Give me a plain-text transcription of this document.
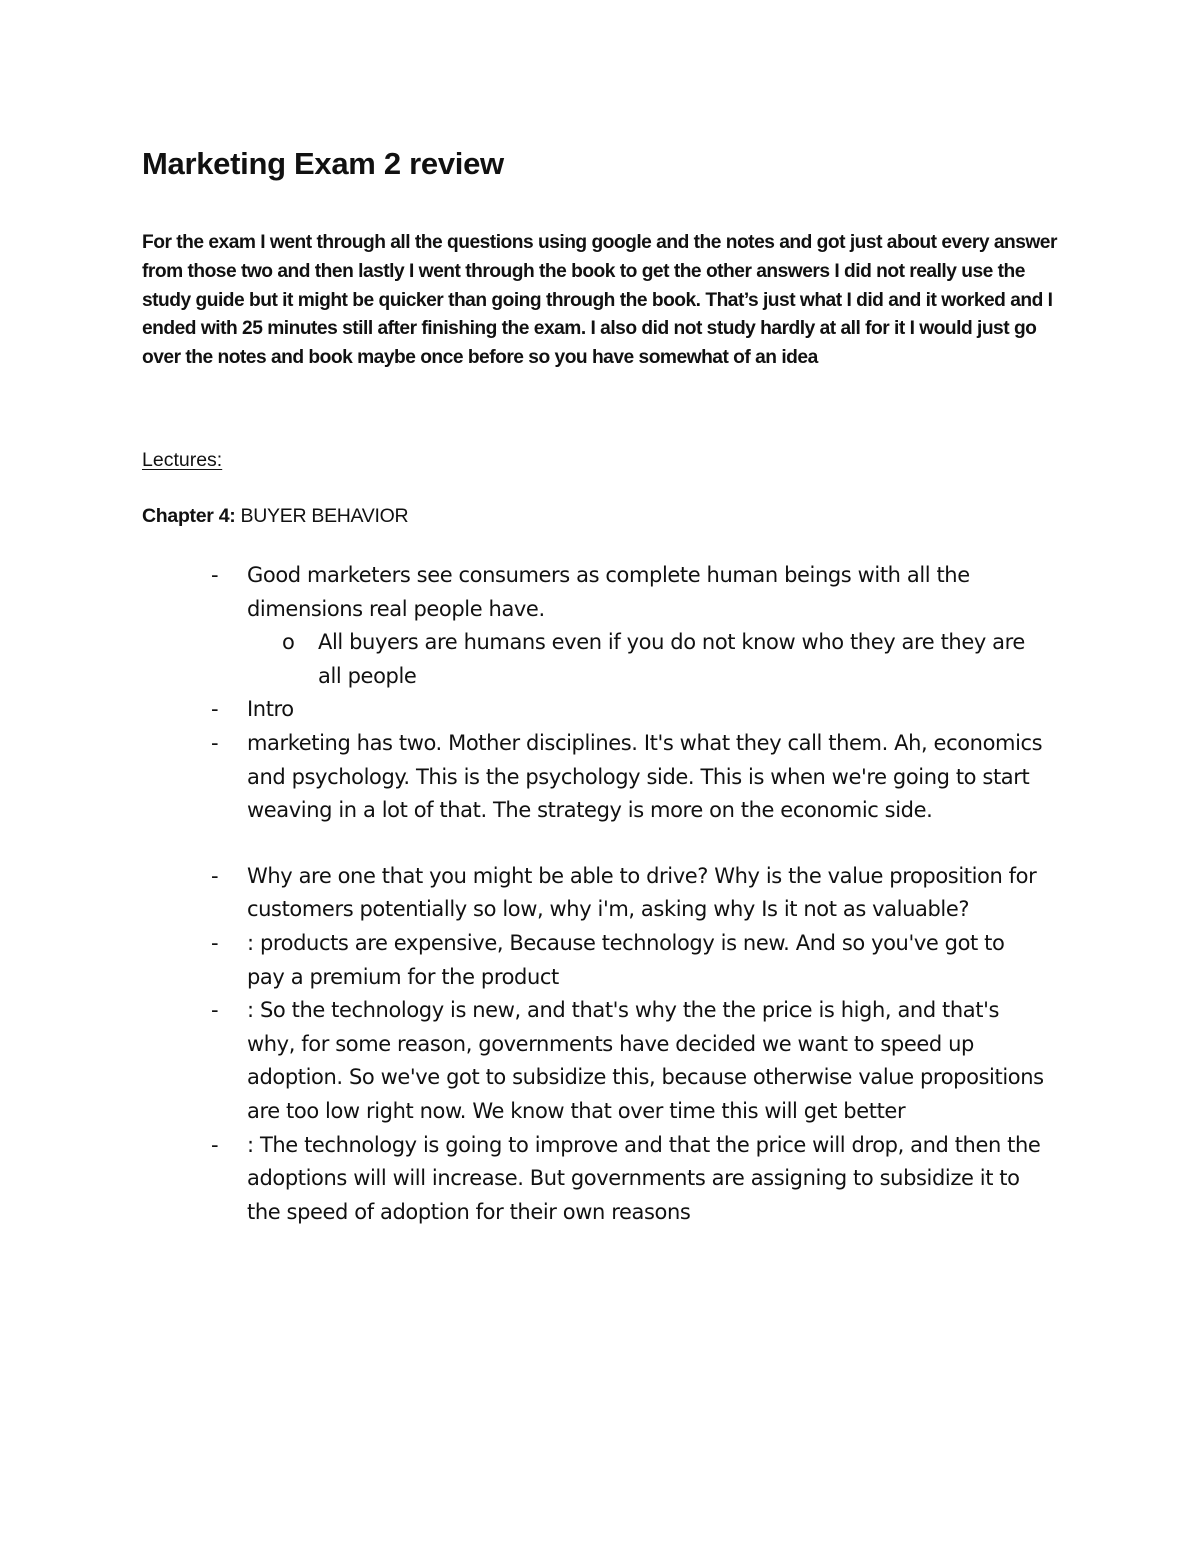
Marketing Exam 2 review

For the exam I went through all the questions using google and the notes and got just about every answer from those two and then lastly I went through the book to get the other answers I did not really use the study guide but it might be quicker than going through the book. That’s just what I did and it worked and I ended with 25 minutes still after finishing the exam. I also did not study hardly at all for it I would just go over the notes and book maybe once before so you have somewhat of an idea

Lectures:

Chapter 4: BUYER BEHAVIOR

- Good marketers see consumers as complete human beings with all the dimensions real people have.
o All buyers are humans even if you do not know who they are they are all people
- Intro
- marketing has two. Mother disciplines. It's what they call them. Ah, economics and psychology. This is the psychology side. This is when we're going to start weaving in a lot of that. The strategy is more on the economic side.
- Why are one that you might be able to drive? Why is the value proposition for customers potentially so low, why i'm, asking why Is it not as valuable?
- : products are expensive, Because technology is new. And so you've got to pay a premium for the product
- : So the technology is new, and that's why the the price is high, and that's why, for some reason, governments have decided we want to speed up adoption. So we've got to subsidize this, because otherwise value propositions are too low right now. We know that over time this will get better
- : The technology is going to improve and that the price will drop, and then the adoptions will will increase. But governments are assigning to subsidize it to the speed of adoption for their own reasons
